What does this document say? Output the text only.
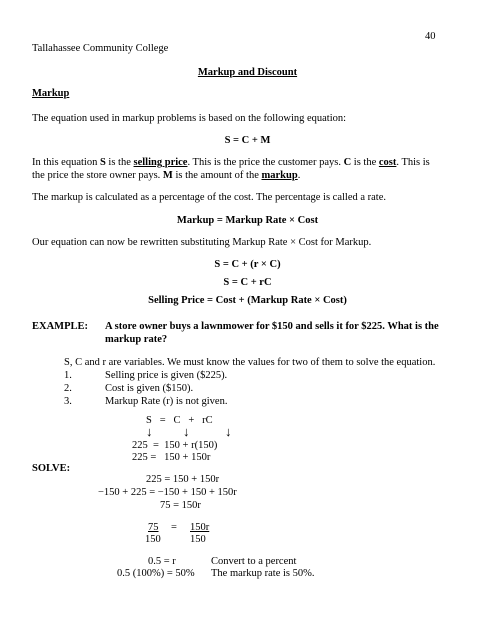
40

Tallahassee Community College

Markup and Discount

Markup

The equation used in markup problems is based on the following equation:

S = C + M

In this equation S is the selling price. This is the price the customer pays. C is the cost. This is
the price the store owner pays. M is the amount of the markup.

The markup is calculated as a percentage of the cost. The percentage is called a rate.

Markup = Markup Rate × Cost

Our equation can now be rewritten substituting Markup Rate × Cost for Markup.

S = C + (r × C)

S = C + rC

Selling Price = Cost + (Markup Rate × Cost)

EXAMPLE: A store owner buys a lawnmower for $150 and sells it for $225. What is the

markup rate?

S, C and r are variables. We must know the values for two of them to solve the equation.

1.	Selling price is given ($225).

2.	Cost is given ($150).

3.	Markup Rate (r) is not given.

S   =   C   +   rC

↓ ↓	↓

225  =  150 + r(150)

225 =   150 + 150r

SOLVE:

225 = 150 + 150r

−150 + 225 = −150 + 150 + 150r

75 = 150r

75 = 150r

150	150

0.5 = r	Convert to a percent

0.5 (100%) = 50% The markup rate is 50%.
